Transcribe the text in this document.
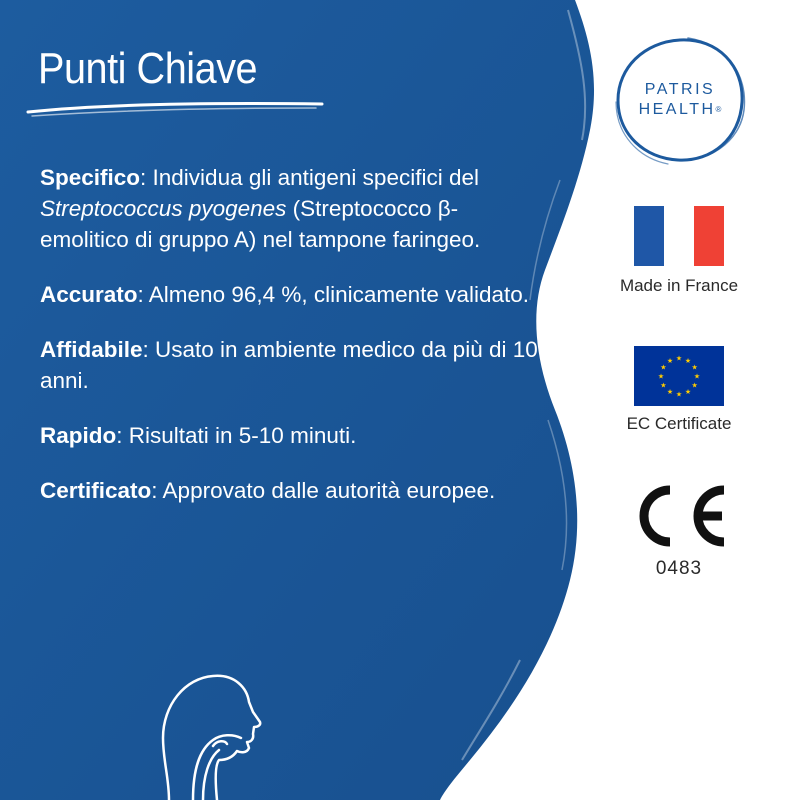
Punti Chiave

Specifico: Individua gli antigeni specifici del Streptococcus pyogenes (Streptococco β-emolitico di gruppo A) nel tampone faringeo.

Accurato: Almeno 96,4 %, clinicamente validato.

Affidabile: Usato in ambiente medico da più di 10 anni.

Rapido: Risultati in 5-10 minuti.

Certificato: Approvato dalle autorità europee.

PATRIS
HEALTH®
Made in France
★ ★
★
★
★
★
★
★
★
★
★
★
EC Certificate
0483
